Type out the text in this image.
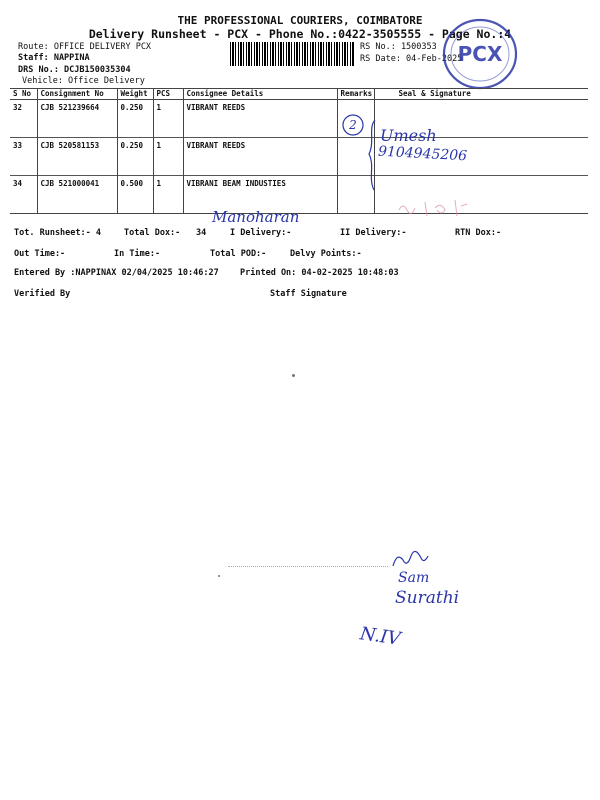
THE PROFESSIONAL COURIERS, COIMBATORE
Delivery Runsheet - PCX - Phone No.:0422-3505555 - Page No.:4
Route: OFFICE DELIVERY PCX
Staff: NAPPINA
DRS No.: DCJB150035304
Vehicle: Office Delivery
RS No.: 1500353
RS Date: 04-Feb-2025
PCX
S No	Consignment No	Weight	PCS	Consignee Details	Remarks	Seal & Signature
32	CJB 521239664	0.250	1	VIBRANT REEDS		
33	CJB 520581153	0.250	1	VIBRANT REEDS		
34	CJB 521000041	0.500	1	VIBRANI BEAM INDUSTIES		
2
Umesh
9104945206
Manoharan
Tot. Runsheet:- 4	Total Dox:- 34	I Delivery:-	II Delivery:-	RTN Dox:-
Out Time:-	In Time:-	Total POD:-	Delvy Points:-
Entered By :NAPPINAX 02/04/2025 10:46:27	Printed On: 04-02-2025 10:48:03
Verified By	Staff Signature
Sam
Surathi
N.IV
